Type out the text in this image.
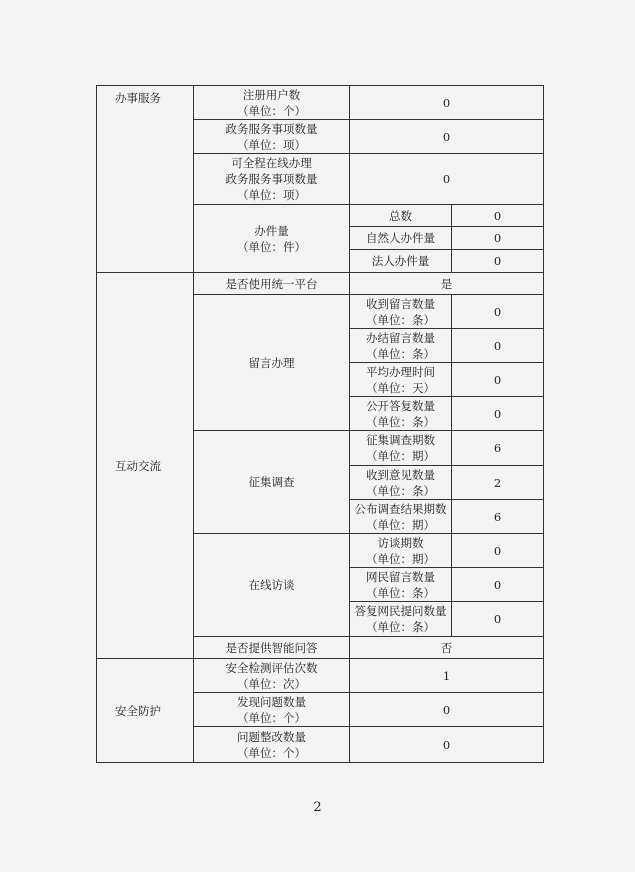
办事服务	注册用户数
（单位：个）	0	
	政务服务事项数量
（单位：项）	0	
	可全程在线办理
政务服务事项数量
（单位：项）	0	
	办件量
（单位：件）	总数	0
		自然人办件量	0
		法人办件量	0

互动交流	是否使用统一平台	是	
	留言办理	收到留言数量
（单位：条）	0
		办结留言数量
（单位：条）	0
		平均办理时间
（单位：天）	0
		公开答复数量
（单位：条）	0
	征集调查	征集调查期数
（单位：期）	6
		收到意见数量
（单位：条）	2
		公布调查结果期数
（单位：期）	6
	在线访谈	访谈期数
（单位：期）	0
		网民留言数量
（单位：条）	0
		答复网民提问数量
（单位：条）	0
	是否提供智能问答	否	

安全防护	安全检测评估次数
（单位：次）	1	
	发现问题数量
（单位：个）	0	
	问题整改数量
（单位：个）	0	
2
